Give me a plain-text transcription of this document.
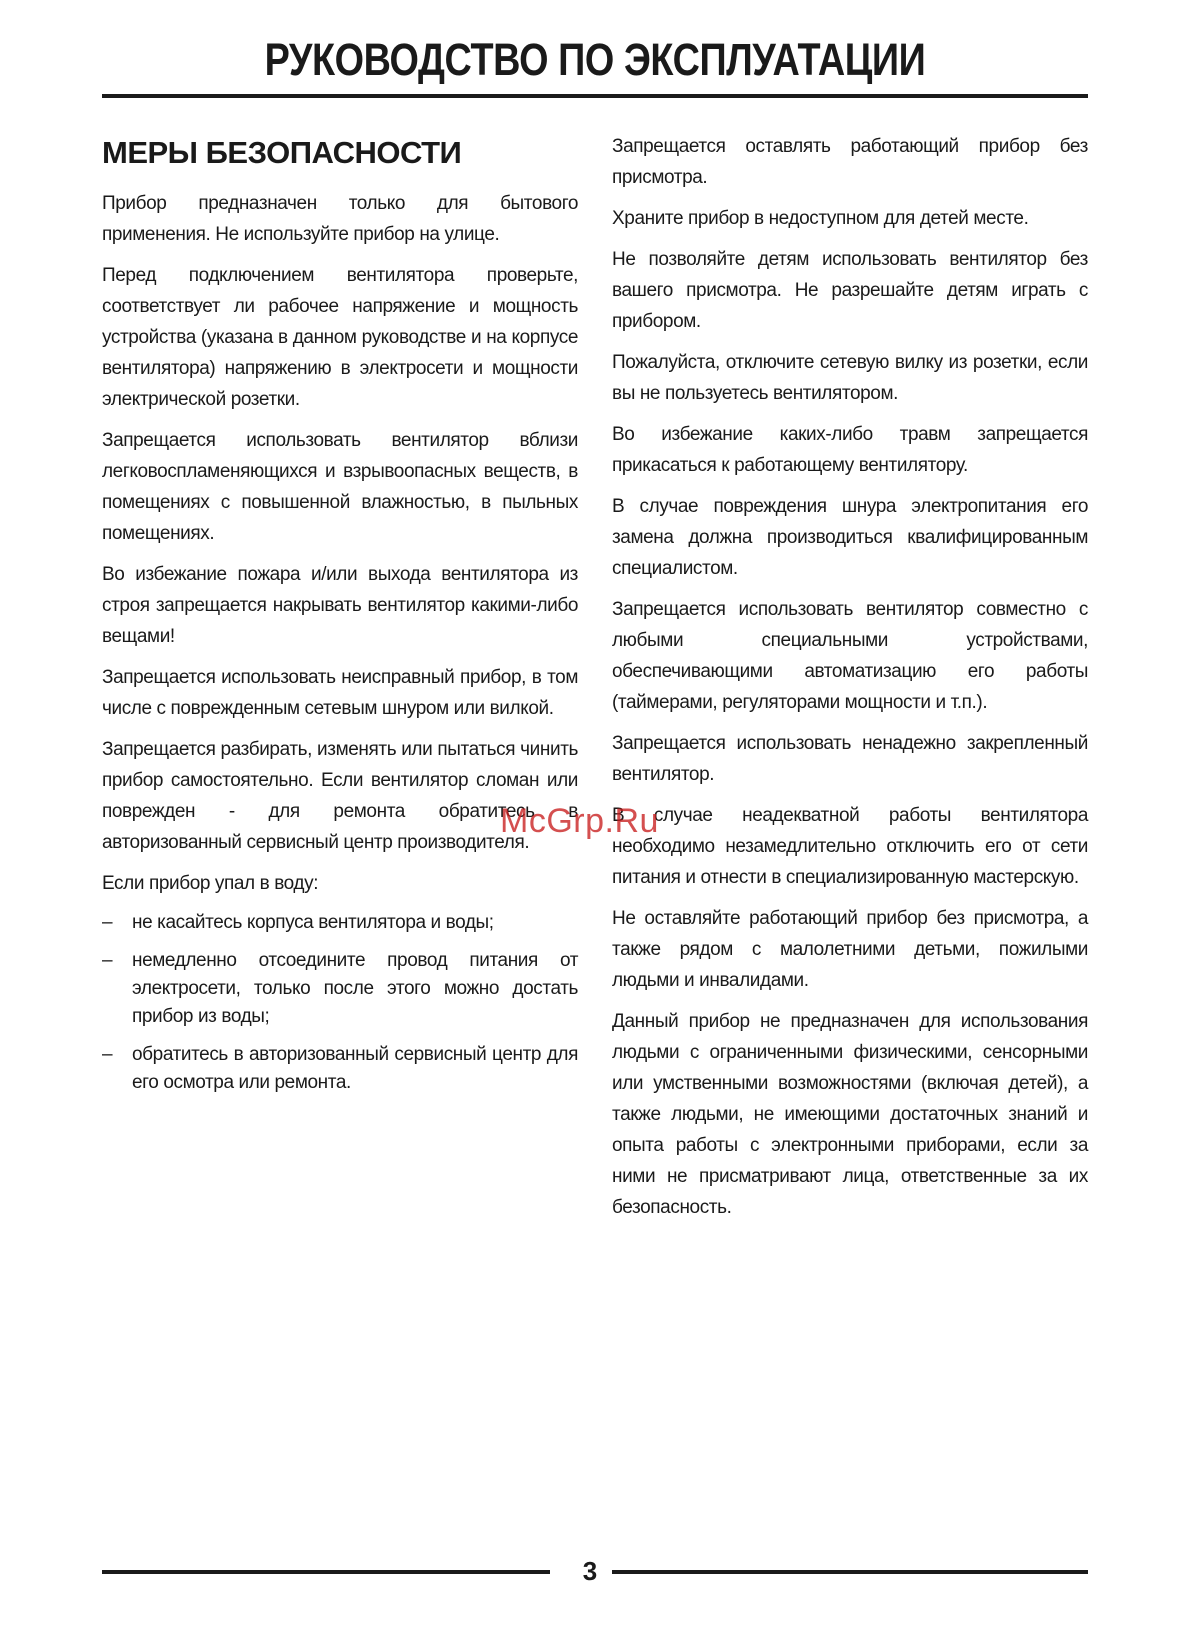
РУКОВОДСТВО ПО ЭКСПЛУАТАЦИИ
МЕРЫ БЕЗОПАСНОСТИ

Прибор предназначен только для бытового применения. Не используйте прибор на улице.

Перед подключением вентилятора проверьте, соответствует ли рабочее напряжение и мощность устройства (указана в данном руководстве и на корпусе вентилятора) напряжению в электросети и мощности электрической розетки.

Запрещается использовать вентилятор вблизи легковоспламеняющихся и взрывоопасных веществ, в помещениях с повышенной влажностью, в пыльных помещениях.

Во избежание пожара и/или выхода вентилятора из строя запрещается накрывать вентилятор какими-либо вещами!

Запрещается использовать неисправный прибор, в том числе с поврежденным сетевым шнуром или вилкой.

Запрещается разбирать, изменять или пытаться чинить прибор самостоятельно. Если вентилятор сломан или поврежден - для ремонта обратитесь в авторизованный сервисный центр производителя.

Если прибор упал в воду:

– не касайтесь корпуса вентилятора и воды;
– немедленно отсоедините провод питания от электросети, только после этого можно достать прибор из воды;
– обратитесь в авторизованный сервисный центр для его осмотра или ремонта.

Запрещается оставлять работающий прибор без присмотра.

Храните прибор в недоступном для детей месте.

Не позволяйте детям использовать вентилятор без вашего присмотра. Не разрешайте детям играть с прибором.

Пожалуйста, отключите сетевую вилку из розетки, если вы не пользуетесь вентилятором.

Во избежание каких-либо травм запрещается прикасаться к работающему вентилятору.

В случае повреждения шнура электропитания его замена должна производиться квалифицированным специалистом.

Запрещается использовать вентилятор совместно с любыми специальными устройствами, обеспечивающими автоматизацию его работы (таймерами, регуляторами мощности и т.п.).

Запрещается использовать ненадежно закрепленный вентилятор.

В случае неадекватной работы вентилятора необходимо незамедлительно отключить его от сети питания и отнести в специализированную мастерскую.

Не оставляйте работающий прибор без присмотра, а также рядом с малолетними детьми, пожилыми людьми и инвалидами.

Данный прибор не предназначен для использования людьми с ограниченными физическими, сенсорными или умственными возможностями (включая детей), а также людьми, не имеющими достаточных знаний и опыта работы с электронными приборами, если за ними не присматривают лица, ответственные за их безопасность.

McGrp.Ru
3
